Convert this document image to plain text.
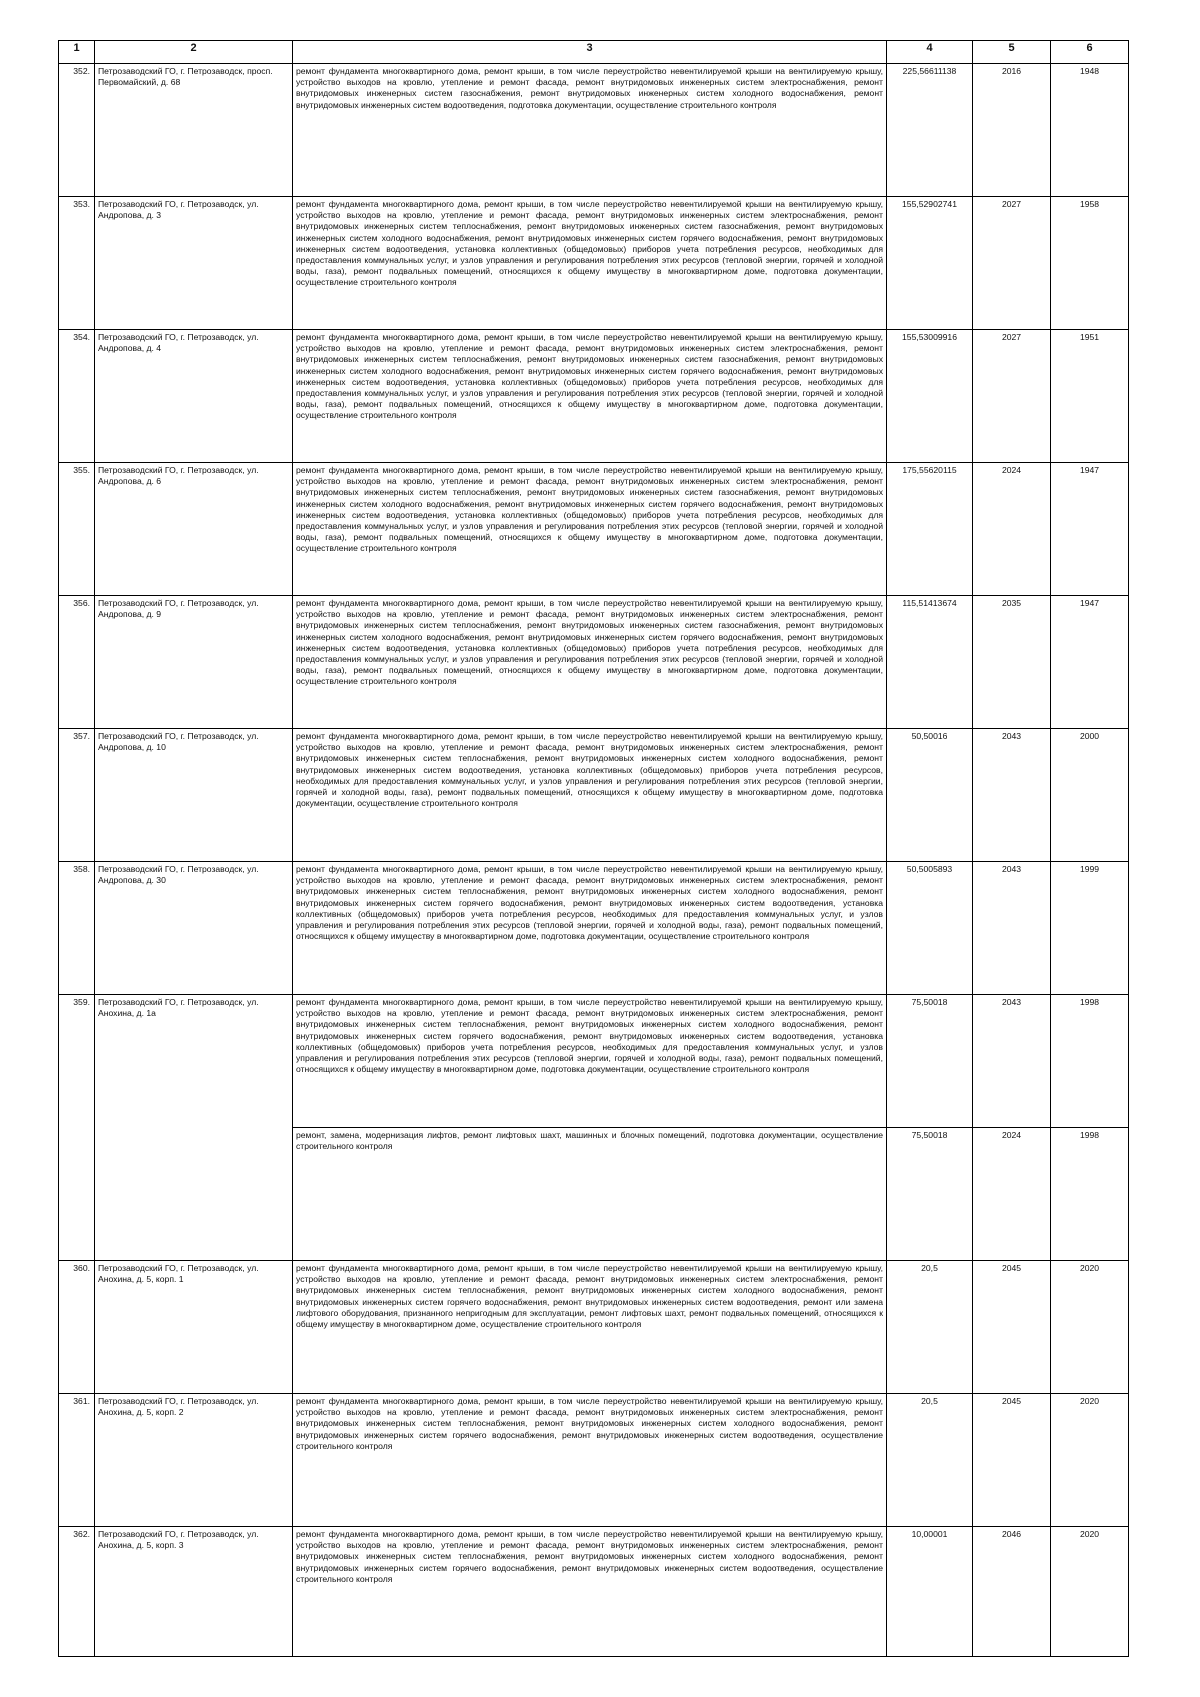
1	2	3	4	5	6
352.	Петрозаводский ГО, г. Петрозаводск, просп. Первомайский, д. 68	ремонт фундамента многоквартирного дома, ремонт крыши, в том числе переустройство невентилируемой крыши на вентилируемую крышу, устройство выходов на кровлю, утепление и ремонт фасада, ремонт внутридомовых инженерных систем электроснабжения, ремонт внутридомовых инженерных систем газоснабжения, ремонт внутридомовых инженерных систем холодного водоснабжения, ремонт внутридомовых инженерных систем водоотведения, подготовка документации, осуществление строительного контроля	225,56611138	2016	1948
353.	Петрозаводский ГО, г. Петрозаводск, ул. Андропова, д. 3	ремонт фундамента многоквартирного дома, ремонт крыши, в том числе переустройство невентилируемой крыши на вентилируемую крышу, устройство выходов на кровлю, утепление и ремонт фасада, ремонт внутридомовых инженерных систем электроснабжения, ремонт внутридомовых инженерных систем теплоснабжения, ремонт внутридомовых инженерных систем газоснабжения, ремонт внутридомовых инженерных систем холодного водоснабжения, ремонт внутридомовых инженерных систем горячего водоснабжения, ремонт внутридомовых инженерных систем водоотведения, установка коллективных (общедомовых) приборов учета потребления ресурсов, необходимых для предоставления коммунальных услуг, и узлов управления и регулирования потребления этих ресурсов (тепловой энергии, горячей и холодной воды, газа), ремонт подвальных помещений, относящихся к общему имуществу в многоквартирном доме, подготовка документации, осуществление строительного контроля	155,52902741	2027	1958
354.	Петрозаводский ГО, г. Петрозаводск, ул. Андропова, д. 4	ремонт фундамента многоквартирного дома, ремонт крыши, в том числе переустройство невентилируемой крыши на вентилируемую крышу, устройство выходов на кровлю, утепление и ремонт фасада, ремонт внутридомовых инженерных систем электроснабжения, ремонт внутридомовых инженерных систем теплоснабжения, ремонт внутридомовых инженерных систем газоснабжения, ремонт внутридомовых инженерных систем холодного водоснабжения, ремонт внутридомовых инженерных систем горячего водоснабжения, ремонт внутридомовых инженерных систем водоотведения, установка коллективных (общедомовых) приборов учета потребления ресурсов, необходимых для предоставления коммунальных услуг, и узлов управления и регулирования потребления этих ресурсов (тепловой энергии, горячей и холодной воды, газа), ремонт подвальных помещений, относящихся к общему имуществу в многоквартирном доме, подготовка документации, осуществление строительного контроля	155,53009916	2027	1951
355.	Петрозаводский ГО, г. Петрозаводск, ул. Андропова, д. 6	ремонт фундамента многоквартирного дома, ремонт крыши, в том числе переустройство невентилируемой крыши на вентилируемую крышу, устройство выходов на кровлю, утепление и ремонт фасада, ремонт внутридомовых инженерных систем электроснабжения, ремонт внутридомовых инженерных систем теплоснабжения, ремонт внутридомовых инженерных систем газоснабжения, ремонт внутридомовых инженерных систем холодного водоснабжения, ремонт внутридомовых инженерных систем горячего водоснабжения, ремонт внутридомовых инженерных систем водоотведения, установка коллективных (общедомовых) приборов учета потребления ресурсов, необходимых для предоставления коммунальных услуг, и узлов управления и регулирования потребления этих ресурсов (тепловой энергии, горячей и холодной воды, газа), ремонт подвальных помещений, относящихся к общему имуществу в многоквартирном доме, подготовка документации, осуществление строительного контроля	175,55620115	2024	1947
356.	Петрозаводский ГО, г. Петрозаводск, ул. Андропова, д. 9	ремонт фундамента многоквартирного дома, ремонт крыши, в том числе переустройство невентилируемой крыши на вентилируемую крышу, устройство выходов на кровлю, утепление и ремонт фасада, ремонт внутридомовых инженерных систем электроснабжения, ремонт внутридомовых инженерных систем теплоснабжения, ремонт внутридомовых инженерных систем газоснабжения, ремонт внутридомовых инженерных систем холодного водоснабжения, ремонт внутридомовых инженерных систем горячего водоснабжения, ремонт внутридомовых инженерных систем водоотведения, установка коллективных (общедомовых) приборов учета потребления ресурсов, необходимых для предоставления коммунальных услуг, и узлов управления и регулирования потребления этих ресурсов (тепловой энергии, горячей и холодной воды, газа), ремонт подвальных помещений, относящихся к общему имуществу в многоквартирном доме, подготовка документации, осуществление строительного контроля	115,51413674	2035	1947
357.	Петрозаводский ГО, г. Петрозаводск, ул. Андропова, д. 10	ремонт фундамента многоквартирного дома, ремонт крыши, в том числе переустройство невентилируемой крыши на вентилируемую крышу, устройство выходов на кровлю, утепление и ремонт фасада, ремонт внутридомовых инженерных систем электроснабжения, ремонт внутридомовых инженерных систем теплоснабжения, ремонт внутридомовых инженерных систем холодного водоснабжения, ремонт внутридомовых инженерных систем водоотведения, установка коллективных (общедомовых) приборов учета потребления ресурсов, необходимых для предоставления коммунальных услуг, и узлов управления и регулирования потребления этих ресурсов (тепловой энергии, горячей и холодной воды, газа), ремонт подвальных помещений, относящихся к общему имуществу в многоквартирном доме, подготовка документации, осуществление строительного контроля	50,50016	2043	2000
358.	Петрозаводский ГО, г. Петрозаводск, ул. Андропова, д. 30	ремонт фундамента многоквартирного дома, ремонт крыши, в том числе переустройство невентилируемой крыши на вентилируемую крышу, устройство выходов на кровлю, утепление и ремонт фасада, ремонт внутридомовых инженерных систем электроснабжения, ремонт внутридомовых инженерных систем теплоснабжения, ремонт внутридомовых инженерных систем холодного водоснабжения, ремонт внутридомовых инженерных систем горячего водоснабжения, ремонт внутридомовых инженерных систем водоотведения, установка коллективных (общедомовых) приборов учета потребления ресурсов, необходимых для предоставления коммунальных услуг, и узлов управления и регулирования потребления этих ресурсов (тепловой энергии, горячей и холодной воды, газа), ремонт подвальных помещений, относящихся к общему имуществу в многоквартирном доме, подготовка документации, осуществление строительного контроля	50,5005893	2043	1999
359.	Петрозаводский ГО, г. Петрозаводск, ул. Анохина, д. 1а	ремонт фундамента многоквартирного дома, ремонт крыши, в том числе переустройство невентилируемой крыши на вентилируемую крышу, устройство выходов на кровлю, утепление и ремонт фасада, ремонт внутридомовых инженерных систем электроснабжения, ремонт внутридомовых инженерных систем теплоснабжения, ремонт внутридомовых инженерных систем холодного водоснабжения, ремонт внутридомовых инженерных систем горячего водоснабжения, ремонт внутридомовых инженерных систем водоотведения, установка коллективных (общедомовых) приборов учета потребления ресурсов, необходимых для предоставления коммунальных услуг, и узлов управления и регулирования потребления этих ресурсов (тепловой энергии, горячей и холодной воды, газа), ремонт подвальных помещений, относящихся к общему имуществу в многоквартирном доме, подготовка документации, осуществление строительного контроля	75,50018	2043	1998
		ремонт, замена, модернизация лифтов, ремонт лифтовых шахт, машинных и блочных помещений, подготовка документации, осуществление строительного контроля	75,50018	2024	1998
360.	Петрозаводский ГО, г. Петрозаводск, ул. Анохина, д. 5, корп. 1	ремонт фундамента многоквартирного дома, ремонт крыши, в том числе переустройство невентилируемой крыши на вентилируемую крышу, устройство выходов на кровлю, утепление и ремонт фасада, ремонт внутридомовых инженерных систем электроснабжения, ремонт внутридомовых инженерных систем теплоснабжения, ремонт внутридомовых инженерных систем холодного водоснабжения, ремонт внутридомовых инженерных систем горячего водоснабжения, ремонт внутридомовых инженерных систем водоотведения, ремонт или замена лифтового оборудования, признанного непригодным для эксплуатации, ремонт лифтовых шахт, ремонт подвальных помещений, относящихся к общему имуществу в многоквартирном доме, осуществление строительного контроля	20,5	2045	2020
361.	Петрозаводский ГО, г. Петрозаводск, ул. Анохина, д. 5, корп. 2	ремонт фундамента многоквартирного дома, ремонт крыши, в том числе переустройство невентилируемой крыши на вентилируемую крышу, устройство выходов на кровлю, утепление и ремонт фасада, ремонт внутридомовых инженерных систем электроснабжения, ремонт внутридомовых инженерных систем теплоснабжения, ремонт внутридомовых инженерных систем холодного водоснабжения, ремонт внутридомовых инженерных систем горячего водоснабжения, ремонт внутридомовых инженерных систем водоотведения, осуществление строительного контроля	20,5	2045	2020
362.	Петрозаводский ГО, г. Петрозаводск, ул. Анохина, д. 5, корп. 3	ремонт фундамента многоквартирного дома, ремонт крыши, в том числе переустройство невентилируемой крыши на вентилируемую крышу, устройство выходов на кровлю, утепление и ремонт фасада, ремонт внутридомовых инженерных систем электроснабжения, ремонт внутридомовых инженерных систем теплоснабжения, ремонт внутридомовых инженерных систем холодного водоснабжения, ремонт внутридомовых инженерных систем горячего водоснабжения, ремонт внутридомовых инженерных систем водоотведения, осуществление строительного контроля	10,00001	2046	2020
